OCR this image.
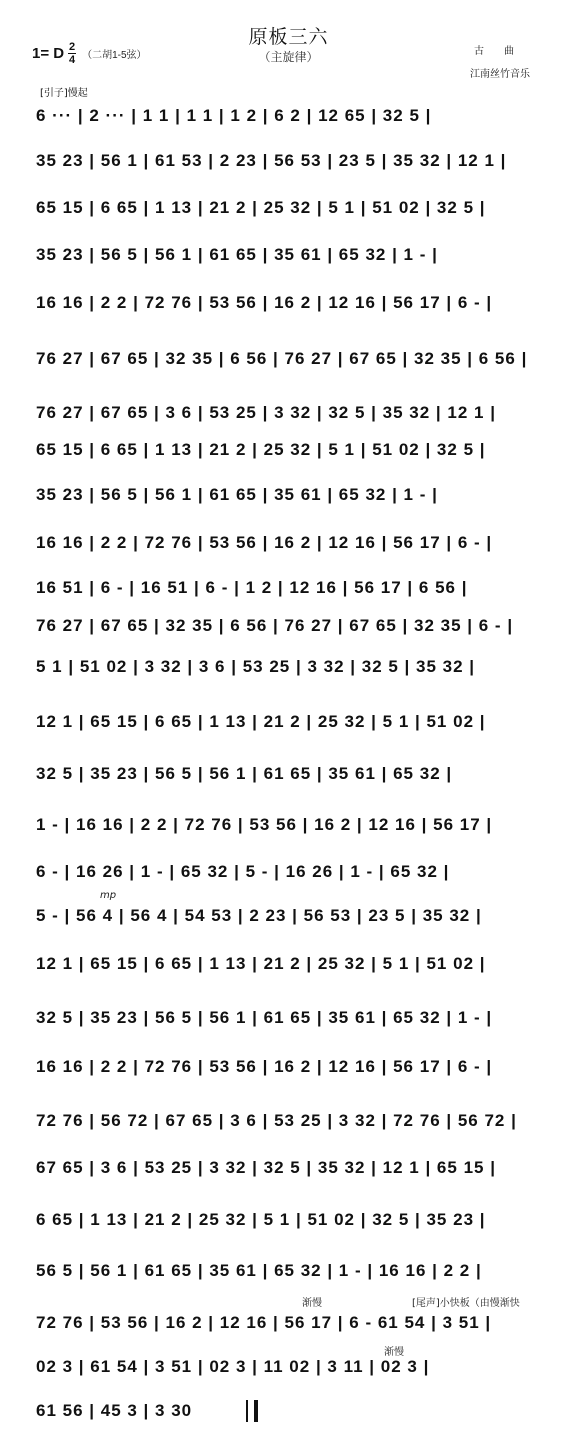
原板三六
（主旋律）
1= D 2
4 （二胡1-5弦）	古　　曲
江南丝竹音乐
[引子]慢起
6 ··· | 2 ··· | 1 1 | 1 1 | 1 2 | 6 2 | 12 65 | 32 5 |
35 23 | 56 1 | 61 53 | 2 23 | 56 53 | 23 5 | 35 32 | 12 1 |
65 15 | 6 65 | 1 13 | 21 2 | 25 32 | 5 1 | 51 02 | 32 5 |
35 23 | 56 5 | 56 1 | 61 65 | 35 61 | 65 32 | 1 - |
16 16 | 2 2 | 72 76 | 53 56 | 16 2 | 12 16 | 56 17 | 6 - |
76 27 | 67 65 | 32 35 | 6 56 | 76 27 | 67 65 | 32 35 | 6 56 |
76 27 | 67 65 | 3 6 | 53 25 | 3 32 | 32 5 | 35 32 | 12 1 |
65 15 | 6 65 | 1 13 | 21 2 | 25 32 | 5 1 | 51 02 | 32 5 |
35 23 | 56 5 | 56 1 | 61 65 | 35 61 | 65 32 | 1 - |
16 16 | 2 2 | 72 76 | 53 56 | 16 2 | 12 16 | 56 17 | 6 - |
16 51 | 6 - | 16 51 | 6 - | 1 2 | 12 16 | 56 17 | 6 56 |
76 27 | 67 65 | 32 35 | 6 56 | 76 27 | 67 65 | 32 35 | 6 - |
5 1 | 51 02 | 3 32 | 3 6 | 53 25 | 3 32 | 32 5 | 35 32 |
12 1 | 65 15 | 6 65 | 1 13 | 21 2 | 25 32 | 5 1 | 51 02 |
32 5 | 35 23 | 56 5 | 56 1 | 61 65 | 35 61 | 65 32 |
1 - | 16 16 | 2 2 | 72 76 | 53 56 | 16 2 | 12 16 | 56 17 |
6 - | 16 26 | 1 - | 65 32 | 5 - | 16 26 | 1 - | 65 32 |
5 - | 56 4 | 56 4 | 54 53 | 2 23 | 56 53 | 23 5 | 35 32 |
12 1 | 65 15 | 6 65 | 1 13 | 21 2 | 25 32 | 5 1 | 51 02 |
32 5 | 35 23 | 56 5 | 56 1 | 61 65 | 35 61 | 65 32 | 1 - |
16 16 | 2 2 | 72 76 | 53 56 | 16 2 | 12 16 | 56 17 | 6 - |
72 76 | 56 72 | 67 65 | 3 6 | 53 25 | 3 32 | 72 76 | 56 72 |
67 65 | 3 6 | 53 25 | 3 32 | 32 5 | 35 32 | 12 1 | 65 15 |
6 65 | 1 13 | 21 2 | 25 32 | 5 1 | 51 02 | 32 5 | 35 23 |
56 5 | 56 1 | 61 65 | 35 61 | 65 32 | 1 - | 16 16 | 2 2 |
72 76 | 53 56 | 16 2 | 12 16 | 56 17 | 6 - 61 54 | 3 51 |
02 3 | 61 54 | 3 51 | 02 3 | 11 02 | 3 11 | 02 3 |
61 56 | 45 3 | 3 30
mp
渐慢	[尾声]小快板（由慢渐快
渐慢
